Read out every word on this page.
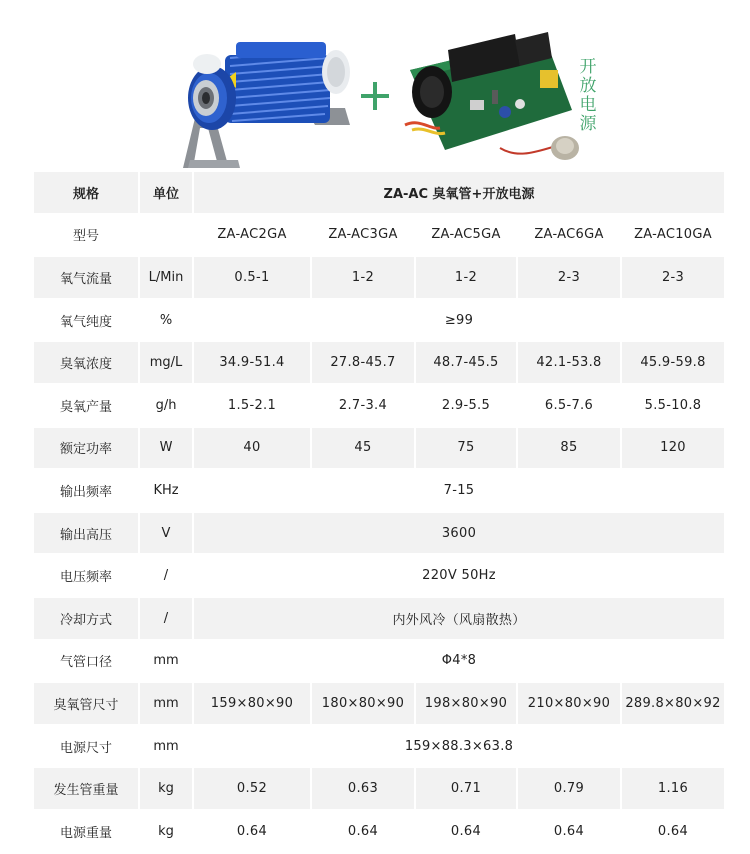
开
放
电
源
规格	单位	ZA-AC 臭氧管+开放电源				
型号		ZA-AC2GA	ZA-AC3GA	ZA-AC5GA	ZA-AC6GA	ZA-AC10GA
氧气流量	L/Min	0.5-1	1-2	1-2	2-3	2-3
氧气纯度	%	≥99				
臭氧浓度	mg/L	34.9-51.4	27.8-45.7	48.7-45.5	42.1-53.8	45.9-59.8
臭氧产量	g/h	1.5-2.1	2.7-3.4	2.9-5.5	6.5-7.6	5.5-10.8
额定功率	W	40	45	75	85	120
输出频率	KHz	7-15				
输出高压	V	3600				
电压频率	/	220V 50Hz				
冷却方式	/	内外风冷（风扇散热）				
气管口径	mm	Φ4*8				
臭氧管尺寸	mm	159×80×90	180×80×90	198×80×90	210×80×90	289.8×80×92
电源尺寸	mm	159×88.3×63.8				
发生管重量	kg	0.52	0.63	0.71	0.79	1.16
电源重量	kg	0.64	0.64	0.64	0.64	0.64
